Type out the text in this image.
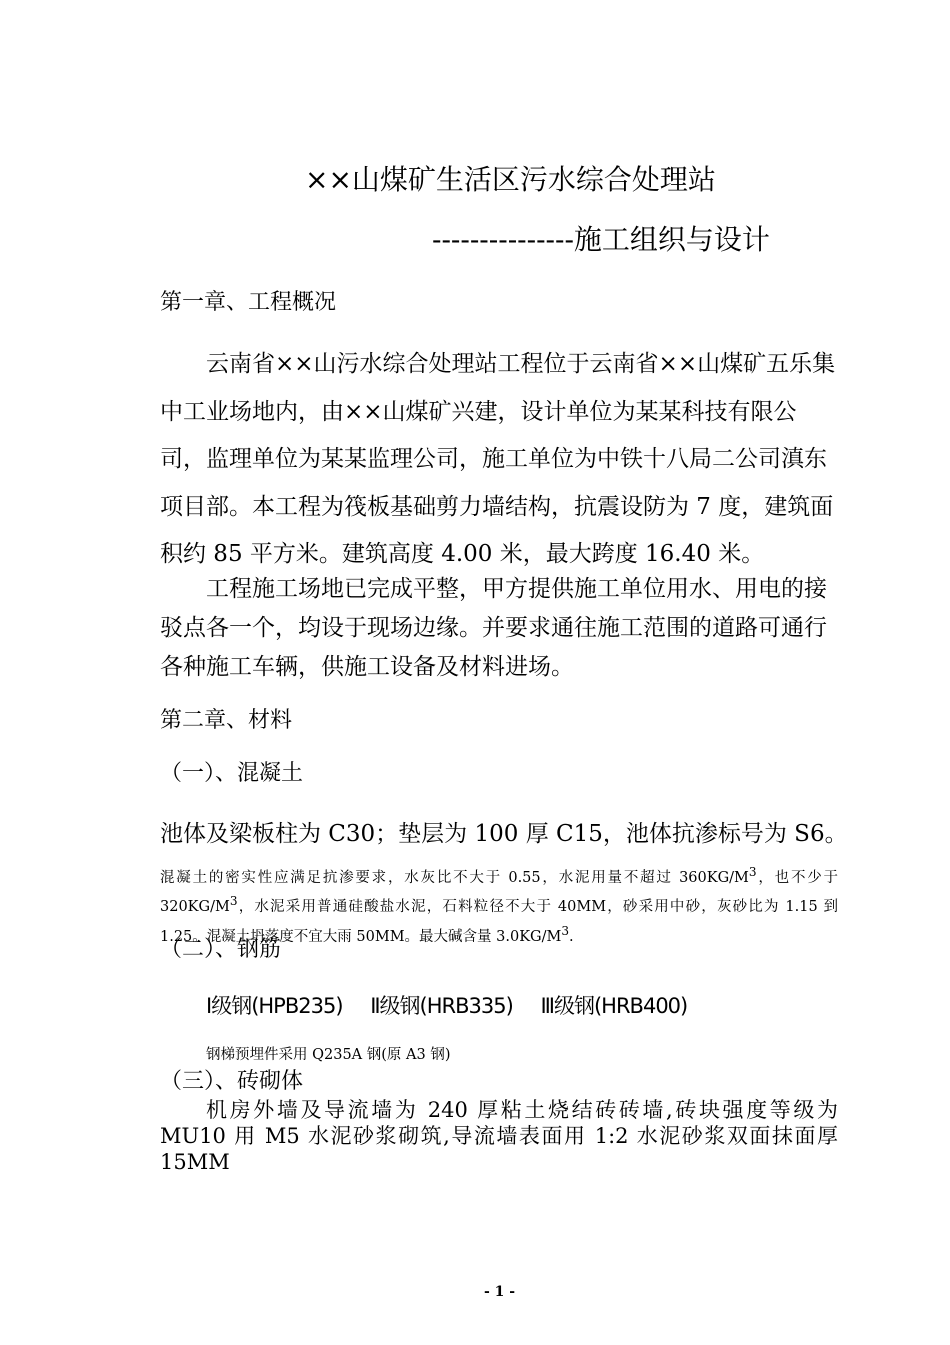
××山煤矿生活区污水综合处理站
---------------施工组织与设计
第一章、工程概况

云南省××山污水综合处理站工程位于云南省××山煤矿五乐集中工业场地内，由××山煤矿兴建，设计单位为某某科技有限公司，监理单位为某某监理公司，施工单位为中铁十八局二公司滇东项目部。本工程为筏板基础剪力墙结构，抗震设防为 7 度，建筑面积约 85 平方米。建筑高度 4.00 米，最大跨度 16.40 米。

工程施工场地已完成平整，甲方提供施工单位用水、用电的接驳点各一个，均设于现场边缘。并要求通往施工范围的道路可通行各种施工车辆，供施工设备及材料进场。

第二章、材料
（一）、混凝土
池体及梁板柱为 C30；垫层为 100 厚 C15，池体抗渗标号为 S6。
混凝土的密实性应满足抗渗要求，水灰比不大于 0.55，水泥用量不超过 $360KG/M^3$，也不少于 $320KG/M^3$，水泥采用普通硅酸盐水泥，石料粒径不大于 40MM，砂采用中砂，灰砂比为 1.15 到 1.25。混凝土坍落度不宜大雨 50MM。最大碱含量 $3.0KG/M^3$.
（二）、钢筋
Ⅰ级钢(HPB235) Ⅱ级钢(HRB335) Ⅲ级钢(HRB400)
钢梯预埋件采用 Q235A 钢(原 A3 钢)
（三）、砖砌体

机房外墙及导流墙为 240 厚粘土烧结砖砖墙,砖块强度等级为 MU10 用 M5 水泥砂浆砌筑,导流墙表面用 1:2 水泥砂浆双面抹面厚 15MM

- 1 -
